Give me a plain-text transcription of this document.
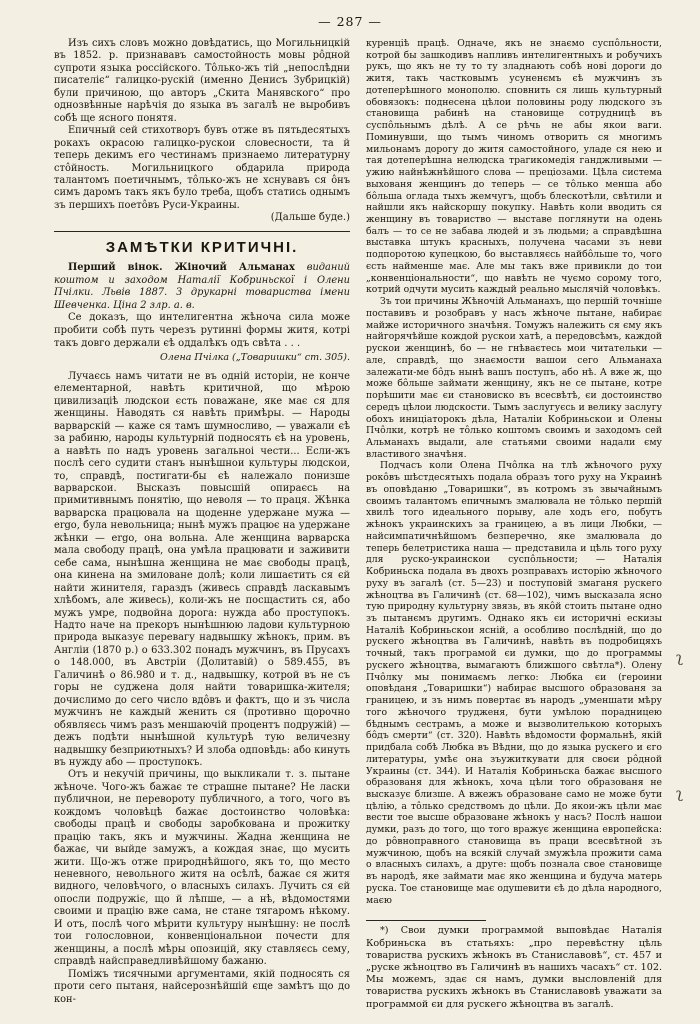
— 287 —

Изъ сихъ словъ можно довѣдатись, що Могильницкій въ 1852. р. признававъ самостойность мовы рôдной супроти языка россійского. Тôлько-жъ тій „непослѣдни писателіє“ галицко-рускій (именно Денисъ Зубрицкій) були причиною, що авторъ „Скита Манявского“ про однозвѣнные нарѣчія до языка въ загалѣ не выробивъ собѣ ще ясного понятя.

Епичный сей стихотворъ бувъ отже въ пятьдесятыхъ рокахъ окрасою галицко-рускои словесности, та й теперь декимъ его честинамъ признаемо литературну стôйность. Могильницкого обдарила природа талантомъ поетичнымъ, тôлько-жъ не хснувавъ ся ôнъ симъ даромъ такъ якъ було треба, щобъ статись однымъ зъ першихъ поетôвъ Руси-Украины.

(Дальше буде.)
ЗАМѢТКИ КРИТИЧНІ.

Перший вінок. Жіночий Альманах виданий коштом и заходом Наталії Кобриньскої і Олени Пчілки. Львів 1887. З друкарні товариства імени Шевченка. Ціна 2 злр. а. в.

Се доказъ, що интелигентна жѣноча сила може пробити собѣ путь черезъ рутинні формы житя, котрі такъ довго держали єѣ оддалѣкъ одъ свѣта . . .

Олена Пчілка („Товаришки“ ст. 305).

Лучаєсь намъ читати не въ одній исторіи, не конче елементарной, навѣть критичной, що мѣрою цивилизаціѣ людскои єсть поважане, яке має ся для женщины. Наводять ся навѣть примѣры. — Народы варварскій — каже ся тамъ шумносливо, — уважали єѣ за рабиню, народы культурній подносять єѣ на уровень, а навѣть по надъ уровень загальноі чести... Если-жъ послѣ сего судити станъ нынѣшнои культуры людскои, то, справдѣ, постигати-бы єѣ належало понизше варварскои. Высказъ повысшій опираєсь на примитивнымъ понятію, що неволя — то праця. Жѣнка варварска працювала на щоденне удержане мужа — ergo, була невольница; нынѣ мужъ працює на удержане жѣнки — ergo, она вольна. Але женщина варварска мала свободу працѣ, она умѣла працювати и заживити себе сама, нынѣшна женщина не має свободы працѣ, она кинена на змиловане долѣ; коли лишаєтить ся єй найти жинителя, гараздъ (живесь справдѣ ласкавымъ хлѣбомъ, але живесь), коли-жъ не посщастить ся, або мужъ умре, подвойна дорога: нужда або проступокъ. Надто наче на прекоръ нынѣшнюю ладови культурною природа выказує перевагу надвышку жѣнокъ, прим. въ Англіи (1870 р.) о 633.302 понадъ мужчинъ, въ Прусахъ о 148.000, въ Австріи (Долитавій) о 589.455, въ Галичинѣ о 86.980 и т. д., надвышку, котрой въ не съ горы не суджена доля найти товаришка-жителя; дочислимо до сего число вдôвъ и фактъ, що и зъ числа мужчинъ не каждый женить ся (противно щорочно обявляєсь чимъ разъ меншаючій процентъ подружій) — дежъ подѣти нынѣшной культурѣ тую величезну надвышку безприютныхъ? И злоба одповѣдь: або кинуть въ нужду або — проступокъ.

Отъ и некучій причины, що выкликали т. з. пытане жѣноче. Чого-жъ бажає те страшне пытане? Не ласки публичнои, не перевороту публичного, а того, чого въ кождомъ чоловѣцѣ бажає достоинство чоловѣка: свободы працѣ и свободы заробкована и прожитку працію такъ, якъ и мужчины. Жадна женщина не бажає, чи выйде замужъ, а кождая знає, що мусить жити. Що-жъ отже природнѣйшого, якъ то, що место неневного, невольного житя на осѣлѣ, бажає ся житя видного, человѣчого, о власныхъ силахъ. Лучить ся єй опосли подружіє, що й лѣпше, — а нѣ, вѣдомостями своими и працію вже сама, не стане тягаромъ нѣкому. И отъ, послѣ чого мѣрити культуру нынѣшну: не послѣ тои голословнои, конвенціональнои почести для женщины, а послѣ мѣры опозицій, яку ставляєсь сему, справдѣ найсправедливѣйшому бажаню.

Поміжъ тисячными аргументами, якій подносять ся проти сего пытаня, найсерознѣйшій єще замѣтъ що до кон-

куренціѣ працѣ. Одначе, якъ не знаємо суспôльности, котрой бы зашкодивъ напливъ интелигентныхъ и робучихъ рукъ, що якъ не ту то ту зладнають собѣ нові дороги до житя, такъ частковымъ усуненємъ єѣ мужчинъ зъ дотеперѣшного монополю. сповнить ся лишь культурный обовязокъ: поднесена цѣлои половины роду людского зъ становища рабинѣ на становище сотрудницѣ въ суспôльнымъ дѣлѣ. А се рѣчь не абы якои ваги. Поминувши, що тымъ чиномъ отворить ся многимъ мильонамъ дорогу до житя самостойного, уладе ся нею и тая дотеперѣшна нелюдска трагикомедія ганджливыми — ужию найнѣжнѣйшого слова — прецiозами. Цѣла система выхованя женщинъ до теперь — се тôлько менша або бôльша оглада тыхъ жемчугъ, щобъ блескотѣли, свѣтили и найшли якъ найскоршу покупку. Навѣть коли вводить ся женщину въ товариство — выставе поглянути на одень балъ — то се не забава людей и зъ людьми; а справдѣшна выставка штукъ красныхъ, получена часами зъ неви подпоротою купецкою, бо выставляєсь найбôльше то, чого єсть найменше має. Але мы такъ вже привикли до тои „конвенціональности“, що навѣть не чуємо сорому того, котрий одчути мусить каждый реально мыслячій чоловѣкъ.

Зъ тои причины Жѣночій Альманахъ, що першій точніше поставивъ и розобравъ у насъ жѣноче пытане, набирає майже историчного значѣня. Томужъ належить ся єму якъ найгорячѣйше кождой рускои хатѣ, а передовсѣмъ, каждой рускои женщинѣ, бо — не гнѣваєтесь мои читательки — але, справдѣ, що знаємости вашои сего Альманаха залежати-ме бôдъ нынѣ вашъ поступъ, або нѣ. А вже ж, що може бôльше займати женщину, якъ не се пытане, котре порѣшити має єи становиско въ всесвѣтѣ, єи достоинство середъ цѣлои людскости. Тымъ заслугуєсь и велику заслугу обохъ иницiаторокъ дѣла, Наталіи Кобриньскои и Олены Пчôлки, котрѣ не тôлько коштомъ своимъ и заходомъ сей Альманахъ выдали, але статьями своими надали єму властивого значѣня.

Подчасъ коли Олена Пчôлка на тлѣ жѣночого руху рокôвъ шѣстдесятыхъ подала образъ того руху на Украинѣ въ оповѣданю „Товаришки“, въ котромъ зъ звычайнымъ своимъ талантомъ епичнымъ змалювала не тôлько першій хвилѣ того идеального порыву, але ходъ его, побутъ жѣнокъ украинскихъ за границею, а въ лици Любки, — найсимпатичнѣйшомъ безперечно, яке змалювала до теперь белетристика наша — представила и цѣль того руху для руско-украинскои суспôльности; — Наталія Кобриньска подала въ двохъ розправахъ исторію жѣночого руху въ загалѣ (ст. 5—23) и поступовій змаганя рускего жѣноцтва въ Галичинѣ (ст. 68—102), чимъ высказала ясно тую природну культурну звязь, въ якôй стоить пытане одно зъ пытанємъ другимъ. Однако якъ єи историчні ескизы Наталіѣ Кобриньскои ясній, а особливо послѣдній, що до рускего жѣноцтва въ Галичинѣ, навѣть въ подробицяхъ точный, такъ програмой єи думки, що до программы рускего жѣноцтва, вымагаютъ ближшого свѣтла*). Олену Пчôлку мы понимаємъ легко: Любка єи (героини оповѣданя „Товаришки“) набирає высшого образованя за границею, и зъ нимъ повертає въ народъ „уменшати мѣру того жѣночого трудженя, бути умѣлою порадницею бѣднымъ сестрамъ, а може и вызволителькою которыхъ бôдъ смерти“ (ст. 320). Навѣть вѣдомости формальнѣ, якій придбала собѣ Любка въ Вѣдни, що до языка рускего и єго литературы, умѣє она зъужиткувати для своєи рôдной Украины (ст. 344). И Наталія Кобриньска бажає высшого образованя для жѣнокъ, хоча цѣли того образованя не высказує близше. А вжежъ образоване само не може бути цѣлію, а тôлько средствомъ до цѣли. До якои-жъ цѣли має вести тое высше образоване жѣнокъ у насъ? Послѣ нашои думки, разъ до того, що того вражує женщина европейска: до рôвноправного становища въ праци всесвѣтной зъ мужчиною, щобъ на всякій случай змужѣла прожити сама о власныхъ силахъ, а друге: щобъ познала свое становище въ народѣ, яке займати має яко женщина и будуча матерь руска. Тое становище має одушевити єѣ до дѣла народного, маєю

*) Свои думки программой выповѣдає Наталія Кобриньска въ статьяхъ: „про перевѣстну цѣль товариства рускихъ жѣнокъ въ Станиславовѣ“, ст. 457 и „руске жѣноцтво въ Галичинѣ въ нашихъ часахъ“ ст. 102. Мы можемъ, здає ся намъ, думки высловленій для товариства рускихъ жѣнокъ въ Станиславовѣ уважати за программой єи для рускего жѣноцтва въ загалѣ.

ʅ
ʅ
